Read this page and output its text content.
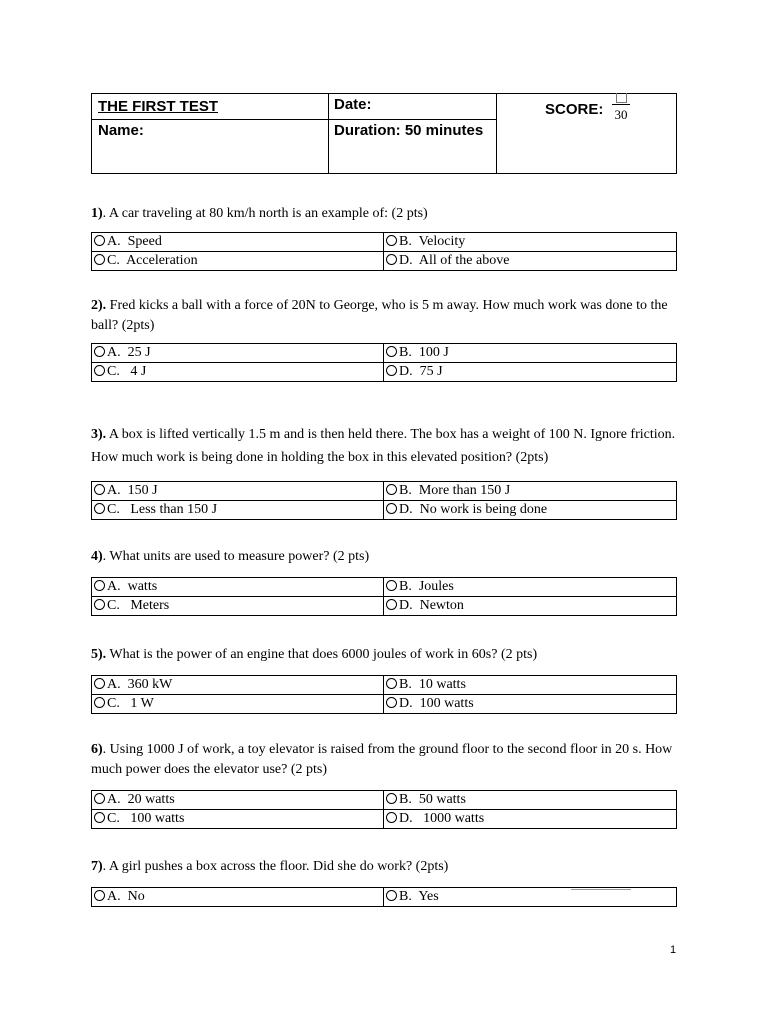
THE FIRST TEST	Date:
Name:	Duration: 50 minutes
SCORE: 30
1). A car traveling at 80 km/h north is an example of: (2 pts)
A.  Speed	B.  Velocity
C.  Acceleration	D.  All of the above
2). Fred kicks a ball with a force of 20N to George, who is 5 m away. How much work was done to the ball? (2pts)
A.  25 J	B.  100 J
C.   4 J	D.  75 J
3). A box is lifted vertically 1.5 m and is then held there. The box has a weight of 100 N. Ignore friction. How much work is being done in holding the box in this elevated position? (2pts)
A.  150 J	B.  More than 150 J
C.   Less than 150 J	D.  No work is being done
4). What units are used to measure power? (2 pts)
A.  watts	B.  Joules
C.   Meters	D.  Newton
5). What is the power of an engine that does 6000 joules of work in 60s? (2 pts)
A.  360 kW	B.  10 watts
C.   1 W	D.  100 watts
6). Using 1000 J of work, a toy elevator is raised from the ground floor to the second floor in 20 s. How much power does the elevator use? (2 pts)
A.  20 watts	B.  50 watts
C.   100 watts	D.   1000 watts
7). A girl pushes a box across the floor. Did she do work? (2pts)
A.  No	B.  Yes
1
